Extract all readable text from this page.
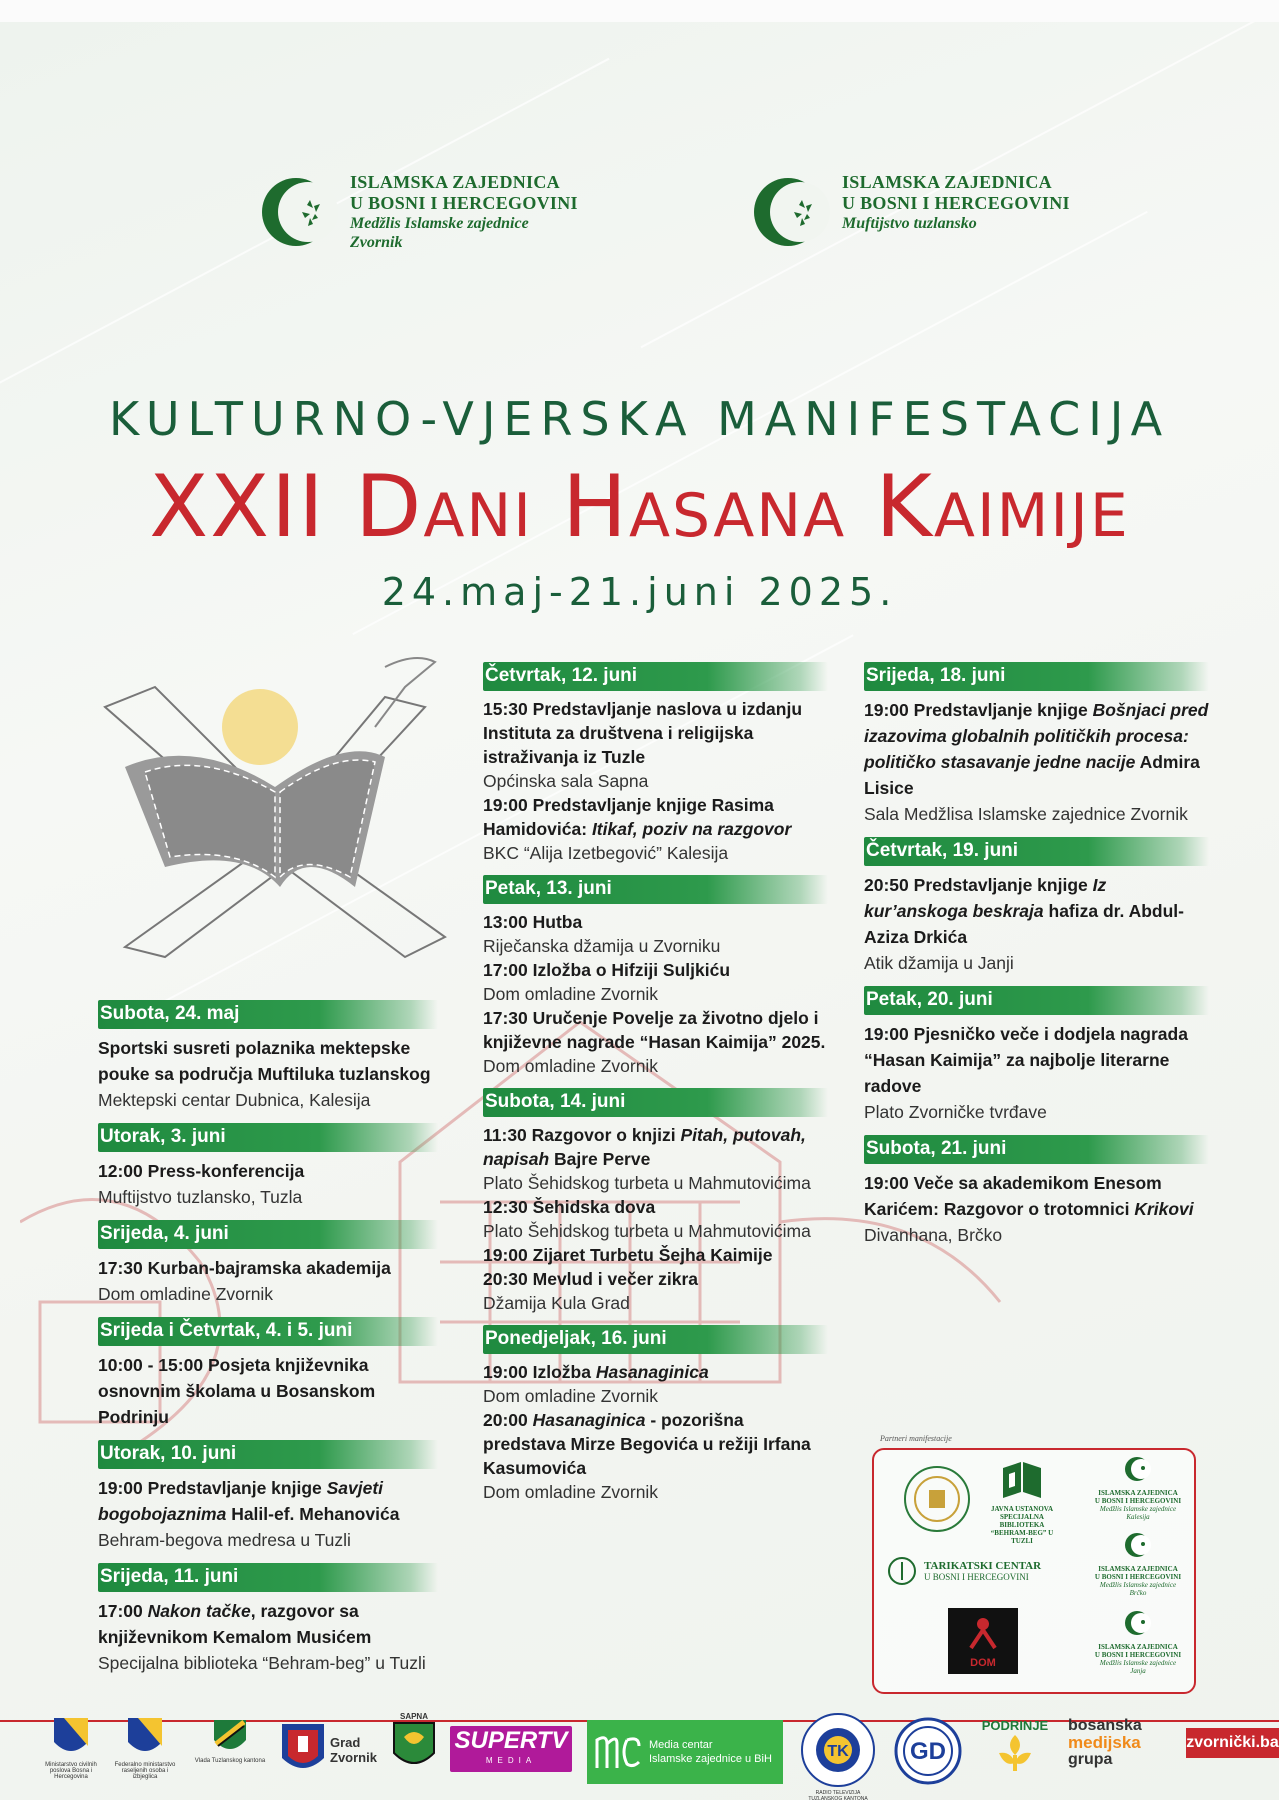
ISLAMSKA ZAJEDNICA
U BOSNI I HERCEGOVINI
Medžlis Islamske zajednice
Zvornik
ISLAMSKA ZAJEDNICA
U BOSNI I HERCEGOVINI
Muftijstvo tuzlansko
KULTURNO-VJERSKA MANIFESTACIJA
XXII Dani Hasana Kaimije
24.maj-21.juni 2025.
Subota, 24. maj
Sportski susreti polaznika mektepske pouke sa područja Muftiluka tuzlanskog
Mektepski centar Dubnica, Kalesija
Utorak, 3. juni
12:00 Press-konferencija
Muftijstvo tuzlansko, Tuzla
Srijeda, 4. juni
17:30 Kurban-bajramska akademija
Dom omladine Zvornik
Srijeda i Četvrtak, 4. i 5. juni
10:00 - 15:00 Posjeta književnika osnovnim školama u Bosanskom Podrinju
Utorak, 10. juni
19:00 Predstavljanje knjige Savjeti bogobojaznima Halil-ef. Mehanovića
Behram-begova medresa u Tuzli
Srijeda, 11. juni
17:00 Nakon tačke, razgovor sa književnikom Kemalom Musićem
Specijalna biblioteka “Behram-beg” u Tuzli
Četvrtak, 12. juni
15:30 Predstavljanje naslova u izdanju Instituta za društvena i religijska istraživanja iz Tuzle
Općinska sala Sapna
19:00 Predstavljanje knjige Rasima Hamidovića: Itikaf, poziv na razgovor
BKC “Alija Izetbegović” Kalesija
Petak, 13. juni
13:00 Hutba
Riječanska džamija u Zvorniku
17:00 Izložba o Hifziji Suljkiću
Dom omladine Zvornik
17:30 Uručenje Povelje za životno djelo i književne nagrade “Hasan Kaimija” 2025.
Dom omladine Zvornik
Subota, 14. juni
11:30 Razgovor o knjizi Pitah, putovah, napisah Bajre Perve
Plato Šehidskog turbeta u Mahmutovićima
12:30 Šehidska dova
Plato Šehidskog turbeta u Mahmutovićima
19:00 Zijaret Turbetu Šejha Kaimije
20:30 Mevlud i večer zikra
Džamija Kula Grad
Ponedjeljak, 16. juni
19:00 Izložba Hasanaginica
Dom omladine Zvornik
20:00 Hasanaginica - pozorišna predstava Mirze Begovića u režiji Irfana Kasumovića
Dom omladine Zvornik
Srijeda, 18. juni
19:00 Predstavljanje knjige Bošnjaci pred izazovima globalnih političkih procesa: političko stasavanje jedne nacije Admira Lisice
Sala Medžlisa Islamske zajednice Zvornik
Četvrtak, 19. juni
20:50 Predstavljanje knjige Iz kur’anskoga beskraja hafiza dr. Abdul-Aziza Drkića
Atik džamija u Janji
Petak, 20. juni
19:00 Pjesničko veče i dodjela nagrada “Hasan Kaimija” za najbolje literarne radove
Plato Zvorničke tvrđave
Subota, 21. juni
19:00 Veče sa akademikom Enesom Karićem: Razgovor o trotomnici Krikovi
Divanhana, Brčko
Partneri manifestacije
JAVNA USTANOVA
SPECIJALNA BIBLIOTEKA
“BEHRAM-BEG” U TUZLI
ISLAMSKA ZAJEDNICA
U BOSNI I HERCEGOVINI
Medžlis Islamske zajednice
Kalesija
TARIKATSKI CENTAR
U BOSNI I HERCEGOVINI
ISLAMSKA ZAJEDNICA
U BOSNI I HERCEGOVINI
Medžlis Islamske zajednice
Brčko
DOM
ISLAMSKA ZAJEDNICA
U BOSNI I HERCEGOVINI
Medžlis Islamske zajednice
Janja
Ministarstvo civilnih poslova Bosna i Hercegovina
Federalno ministarstvo raseljenih osoba i izbjeglica
Vlada Tuzlanskog kantona
Grad
Zvornik
SAPNA
SUPERTV
MEDIA
Media centar
Islamske zajednice u BiH	TK
RADIO TELEVIZIJA TUZLANSKOG KANTONA
GD
PODRINJE bosanska
medijska
grupa
zvornički.ba
